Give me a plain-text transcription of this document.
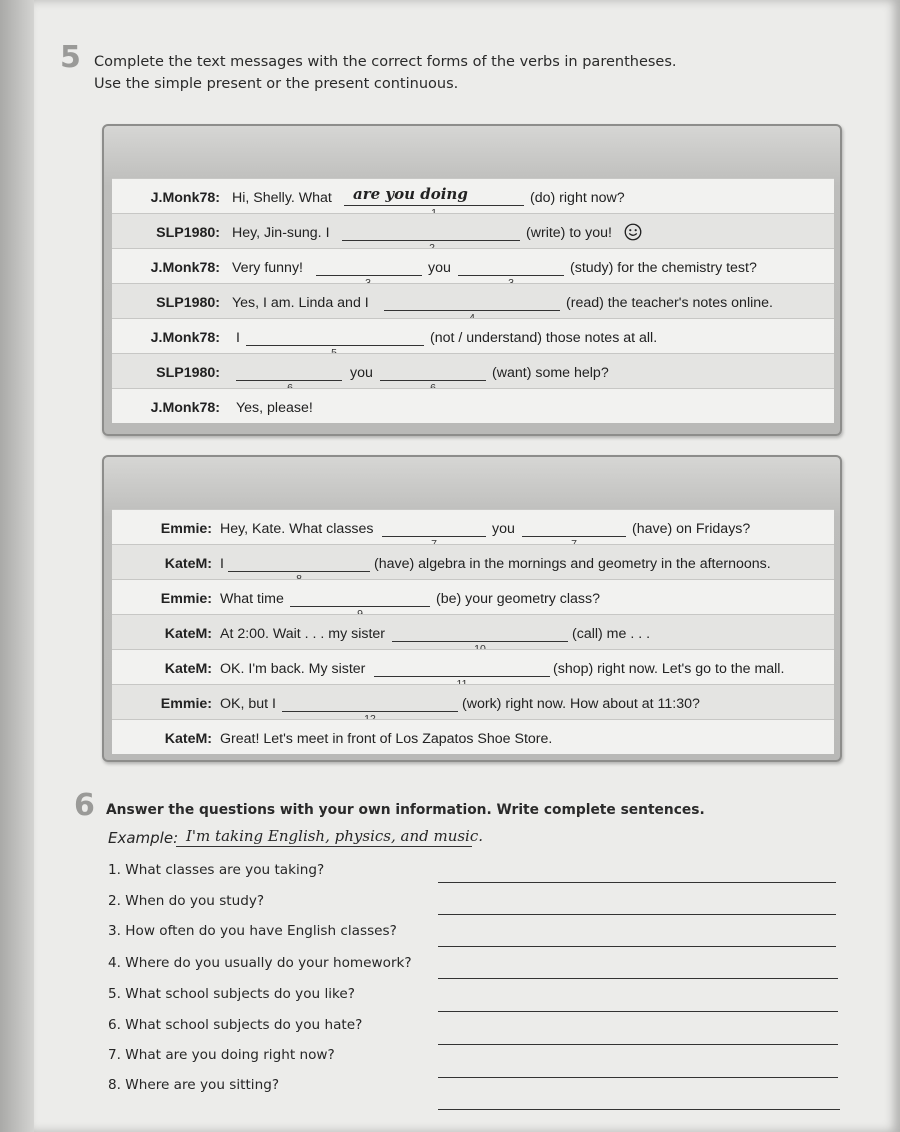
5 Complete the text messages with the correct forms of the verbs in parentheses.
Use the simple present or the present continuous.
J.Monk78: Hi, Shelly. What are you doing	(do) right now?
SLP1980: Hey, Jin-sung. I	(write) to you!
J.Monk78: Very funny!	you	(study) for the chemistry test?
SLP1980: Yes, I am. Linda and I	(read) the teacher's notes online.
J.Monk78: I	(not / understand) those notes at all.
SLP1980:	you	(want) some help?
J.Monk78: Yes, please!
Emmie: Hey, Kate. What classes	you	(have) on Fridays?
KateM: I	(have) algebra in the mornings and geometry in the afternoons.
Emmie: What time	(be) your geometry class?
KateM: At 2:00. Wait . . . my sister	(call) me . . .
KateM: OK. I'm back. My sister	(shop) right now. Let's go to the mall.
Emmie: OK, but I	(work) right now. How about at 11:30?
KateM: Great! Let's meet in front of Los Zapatos Shoe Store.
6 Answer the questions with your own information. Write complete sentences.
Example: I'm taking English, physics, and music.
1. What classes are you taking?
2. When do you study?
3. How often do you have English classes?
4. Where do you usually do your homework?
5. What school subjects do you like?
6. What school subjects do you hate?
7. What are you doing right now?
8. Where are you sitting?
